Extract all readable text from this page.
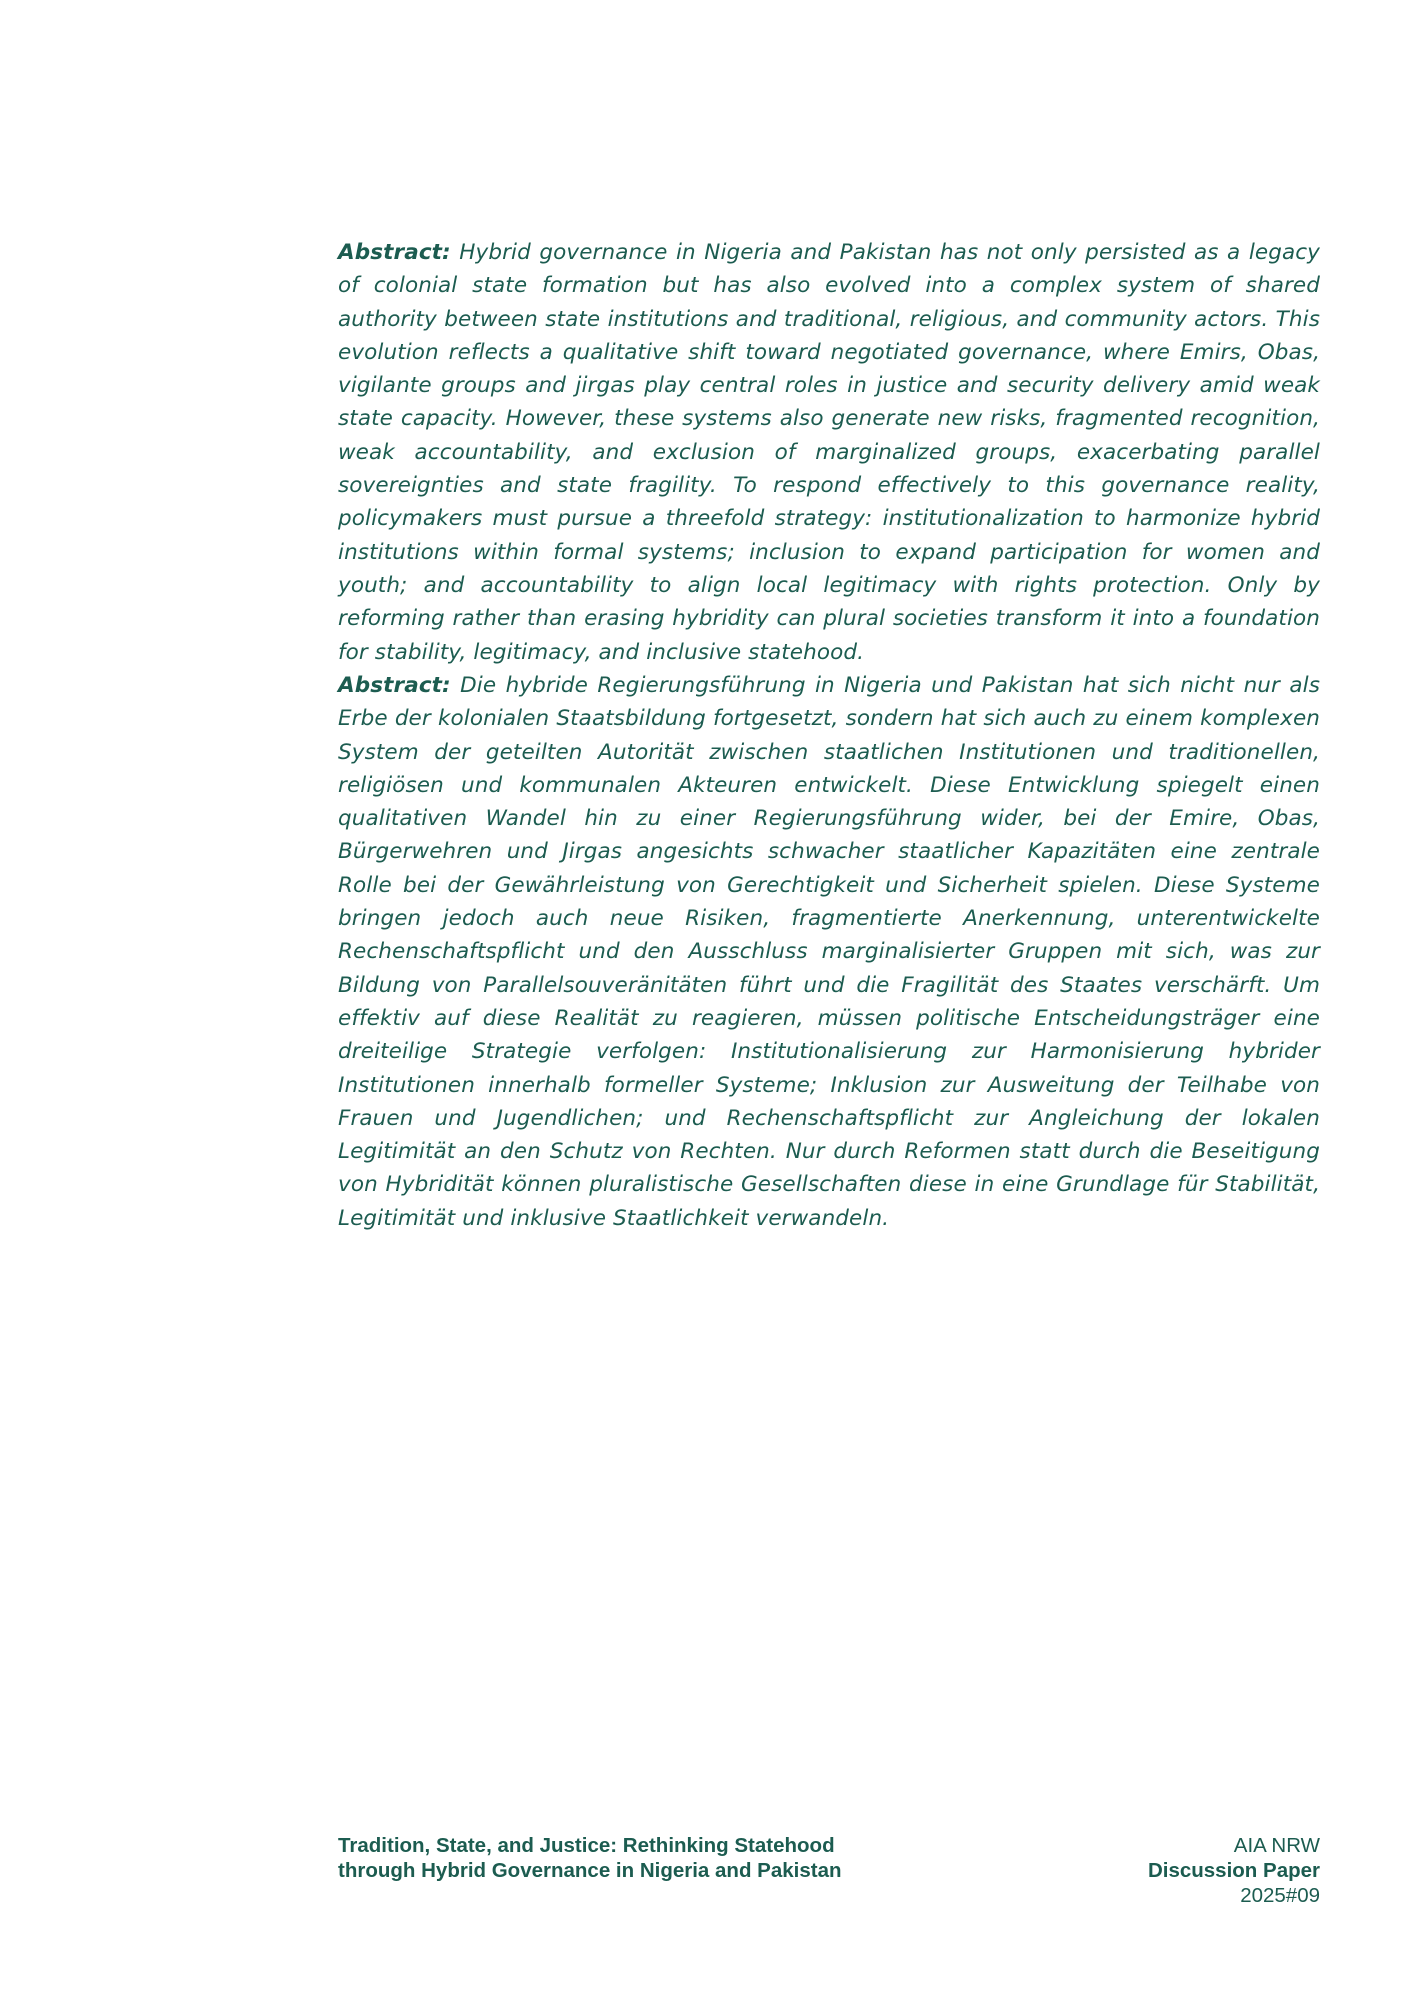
Abstract: Hybrid governance in Nigeria and Pakistan has not only persisted as a legacy of colonial state formation but has also evolved into a complex system of shared authority between state institutions and traditional, religious, and community actors. This evolution reflects a qualitative shift toward negotiated governance, where Emirs, Obas, vigilante groups and jirgas play central roles in justice and security delivery amid weak state capacity. However, these systems also generate new risks, fragmented recognition, weak accountability, and exclusion of marginalized groups, exacerbating parallel sovereignties and state fragility. To respond effectively to this governance reality, policymakers must pursue a threefold strategy: institutionalization to harmonize hybrid institutions within formal systems; inclusion to expand participation for women and youth; and accountability to align local legitimacy with rights protection. Only by reforming rather than erasing hybridity can plural societies transform it into a foundation for stability, legitimacy, and inclusive statehood.

Abstract: Die hybride Regierungsführung in Nigeria und Pakistan hat sich nicht nur als Erbe der kolonialen Staatsbildung fortgesetzt, sondern hat sich auch zu einem komplexen System der geteilten Autorität zwischen staatlichen Institutionen und traditionellen, religiösen und kommunalen Akteuren entwickelt. Diese Entwicklung spiegelt einen qualitativen Wandel hin zu einer Regierungsführung wider, bei der Emire, Obas, Bürgerwehren und Jirgas angesichts schwacher staatlicher Kapazitäten eine zentrale Rolle bei der Gewährleistung von Gerechtigkeit und Sicherheit spielen. Diese Systeme bringen jedoch auch neue Risiken, fragmentierte Anerkennung, unterentwickelte Rechenschaftspflicht und den Ausschluss marginalisierter Gruppen mit sich, was zur Bildung von Parallelsouveränitäten führt und die Fragilität des Staates verschärft. Um effektiv auf diese Realität zu reagieren, müssen politische Entscheidungsträger eine dreiteilige Strategie verfolgen: Institutionalisierung zur Harmonisierung hybrider Institutionen innerhalb formeller Systeme; Inklusion zur Ausweitung der Teilhabe von Frauen und Jugendlichen; und Rechenschaftspflicht zur Angleichung der lokalen Legitimität an den Schutz von Rechten. Nur durch Reformen statt durch die Beseitigung von Hybridität können pluralistische Gesellschaften diese in eine Grundlage für Stabilität, Legitimität und inklusive Staatlichkeit verwandeln.

Tradition, State, and Justice: Rethinking Statehood through Hybrid Governance in Nigeria and Pakistan

AIA NRW
Discussion Paper
2025#09
